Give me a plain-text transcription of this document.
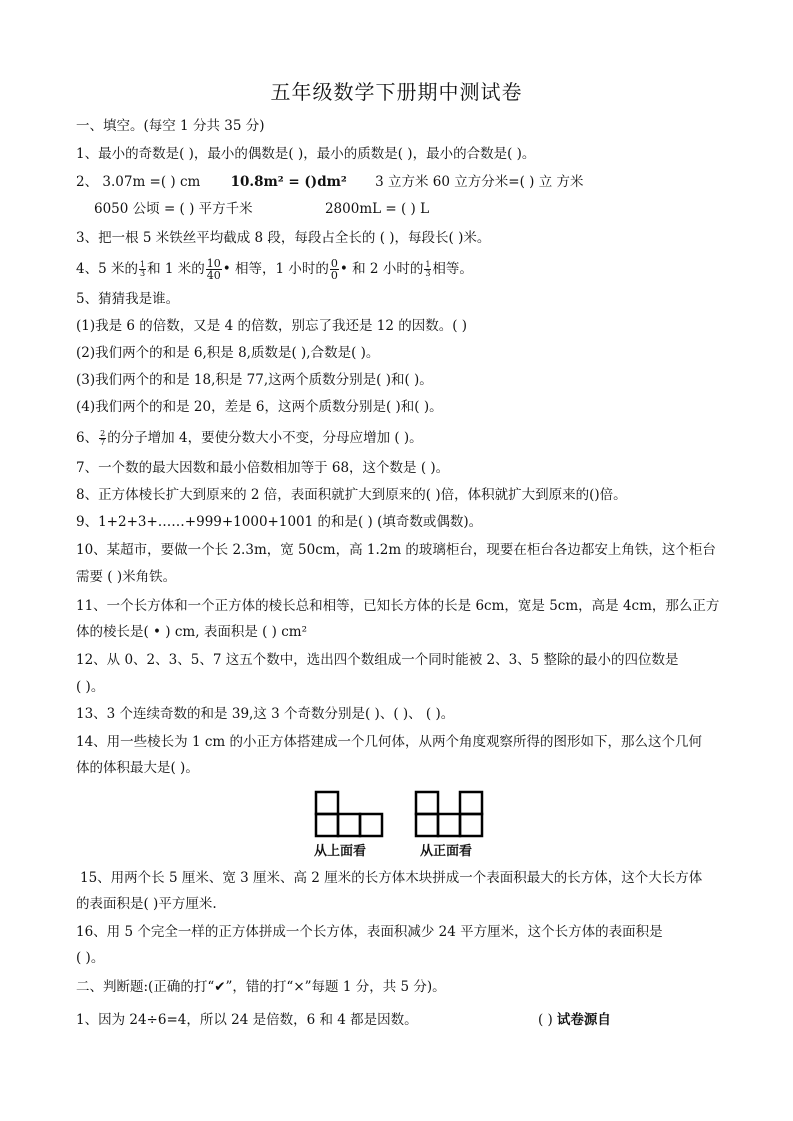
五年级数学下册期中测试卷
一、填空。(每空 1 分共 35 分)
1、最小的奇数是( )，最小的偶数是( )，最小的质数是( )，最小的合数是( )。
2、 3.07m =( ) cm 10.8m² = ()dm² 3 立方米 60 立方分米=( ) 立 方米
6050 公顷 = ( ) 平方千米	2800mL = ( ) L
3、把一根 5 米铁丝平均截成 8 段，每段占全长的 ( )，每段长( )米。
4、5 米的 $\frac{1}{3}$ 和 1 米的 $\frac{10}{40}$ • 相等，1 小时的 $\frac{0}{0}$ • 和 2 小时的 $\frac{1}{3}$ 相等。
5、猜猜我是谁。
(1)我是 6 的倍数，又是 4 的倍数，别忘了我还是 12 的因数。( )
(2)我们两个的和是 6,积是 8,质数是( ),合数是( )。
(3)我们两个的和是 18,积是 77,这两个质数分别是( )和( )。
(4)我们两个的和是 20，差是 6，这两个质数分别是( )和( )。
6、 $\frac{2}{7}$ 的分子增加 4，要使分数大小不变，分母应增加 ( )。
7、一个数的最大因数和最小倍数相加等于 68，这个数是 ( )。
8、正方体棱长扩大到原来的 2 倍，表面积就扩大到原来的( )倍，体积就扩大到原来的()倍。
9、1+2+3+……+999+1000+1001 的和是( ) (填奇数或偶数)。
10、某超市，要做一个长 2.3m，宽 50cm，高 1.2m 的玻璃柜台，现要在柜台各边都安上角铁，这个柜台
需要 ( )米角铁。
11、一个长方体和一个正方体的棱长总和相等，已知长方体的长是 6cm，宽是 5cm，高是 4cm，那么正方
体的棱长是( • ) cm, 表面积是 ( ) cm²
12、从 0、2、3、5、7 这五个数中，选出四个数组成一个同时能被 2、3、5 整除的最小的四位数是
( )。
13、3 个连续奇数的和是 39,这 3 个奇数分别是( )、( )、 ( )。
14、用一些棱长为 1 cm 的小正方体搭建成一个几何体，从两个角度观察所得的图形如下，那么这个几何
体的体积最大是( )。
从上面看	从正面看
15、用两个长 5 厘米、宽 3 厘米、高 2 厘米的长方体木块拼成一个表面积最大的长方体，这个大长方体
的表面积是( )平方厘米.
16、用 5 个完全一样的正方体拼成一个长方体，表面积减少 24 平方厘米，这个长方体的表面积是
( )。
二、判断题:(正确的打“✔”，错的打“×”每题 1 分，共 5 分)。
1、因为 24÷6=4，所以 24 是倍数，6 和 4 都是因数。	( ) 试卷源自
